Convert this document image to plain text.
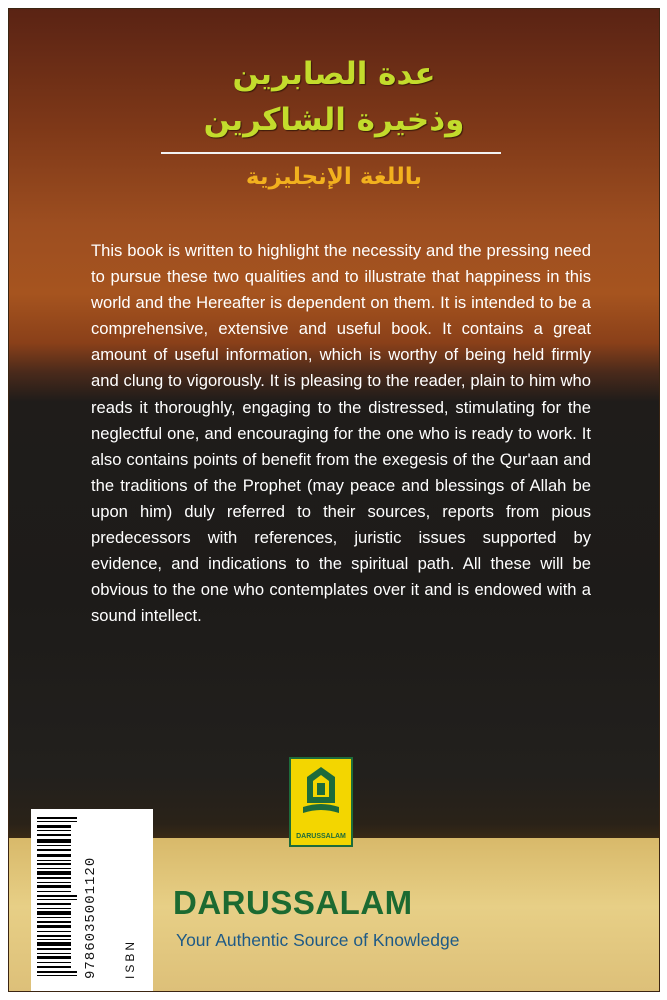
عدة الصابرين
وذخيرة الشاكرين
باللغة الإنجليزية
This book is written to highlight the necessity and the pressing need to pursue these two qualities and to illustrate that happiness in this world and the Hereafter is dependent on them. It is intended to be a comprehensive, extensive and useful book. It contains a great amount of useful information, which is worthy of being held firmly and clung to vigorously. It is pleasing to the reader, plain to him who reads it thoroughly, engaging to the distressed, stimulating for the neglectful one, and encouraging for the one who is ready to work. It also contains points of benefit from the exegesis of the Qur'aan and the traditions of the Prophet (may peace and blessings of Allah be upon him) duly referred to their sources, reports from pious predecessors with references, juristic issues supported by evidence, and indications to the spiritual path. All these will be obvious to the one who contemplates over it and is endowed with a sound intellect.
DARUSSALAM
9786035001120 ISBN
DARUSSALAM
Your Authentic Source of Knowledge
